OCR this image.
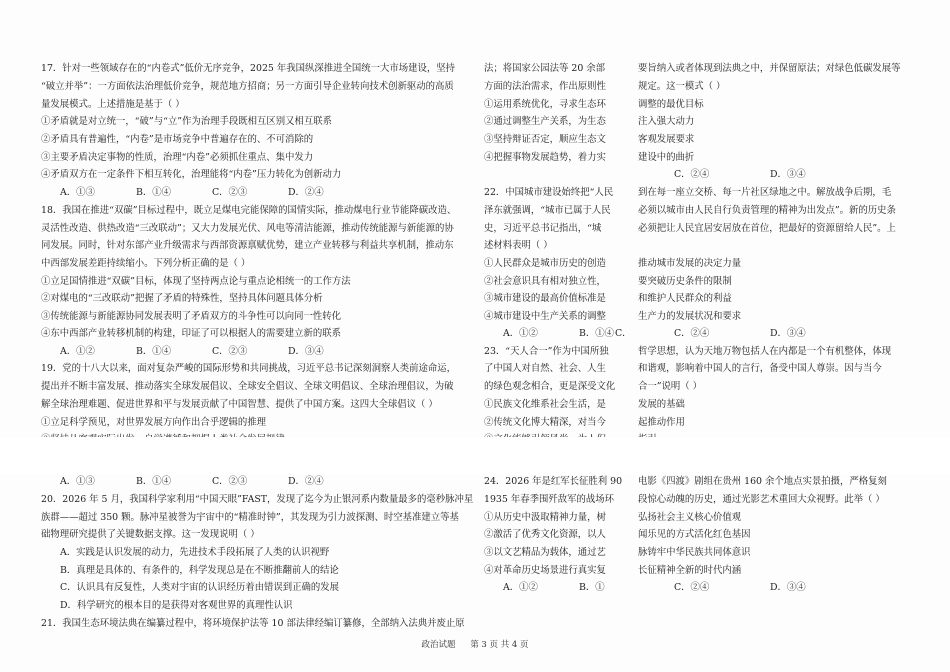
17．针对一些领域存在的“内卷式”低价无序竞争，2025 年我国纵深推进全国统一大市场建设，坚持
“破立并举”：一方面依法治理低价竞争，规范地方招商；另一方面引导企业转向技术创新驱动的高质
量发展模式。上述措施是基于（ ）
①矛盾就是对立统一，“破”与“立”作为治理手段既相互区别又相互联系
②矛盾具有普遍性，“内卷”是市场竞争中普遍存在的、不可消除的
③主要矛盾决定事物的性质，治理“内卷”必须抓住重点、集中发力
④矛盾双方在一定条件下相互转化，治理能将“内卷”压力转化为创新动力
A．①③	B．①④	C．②③	D．②④
18．我国在推进“双碳”目标过程中，既立足煤电完能保障的国情实际，推动煤电行业节能降碳改造、
灵活性改造、供热改造“三改联动”；又大力发展光伏、风电等清洁能源，推动传统能源与新能源的协
同发展。同时，针对东部产业升级需求与西部资源禀赋优势，建立产业转移与利益共享机制，推动东
中西部发展差距持续缩小。下列分析正确的是（ ）
①立足国情推进“双碳”目标，体现了坚持两点论与重点论相统一的工作方法
②对煤电的“三改联动”把握了矛盾的特殊性，坚持具体问题具体分析
③传统能源与新能源协同发展表明了矛盾双方的斗争性可以向同一性转化
④东中西部产业转移机制的构建，印证了可以根据人的需要建立新的联系
A．①②	B．①④	C．②③	D．③④
19．党的十八大以来，面对复杂严峻的国际形势和共同挑战，习近平总书记深刻洞察人类前途命运，
提出并不断丰富发展、推动落实全球发展倡议、全球安全倡议、全球文明倡议、全球治理倡议，为破
解全球治理难题、促进世界和平与发展贡献了中国智慧、提供了中国方案。这四大全球倡议（ ）
①立足科学预见，对世界发展方向作出合乎逻辑的推理
法；将国家公园法等 20 余部
方面的法治需求，作出原则性
①运用系统优化，寻求生态环
②通过调整生产关系，为生态
③坚持辩证否定，顺应生态文
④把握事物发展趋势，着力实
22．中国城市建设始终把“人民
泽东就强调，“城市已属于人民
史，习近平总书记指出，“城
述材料表明（ ）
①人民群众是城市历史的创造
②社会意识具有相对独立性，
③城市建设的最高价值标准是
④城市建设中生产关系的调整
A．①②	B．①④C．
23．“天人合一”作为中国所独
了中国人对自然、社会、人生
的绿色观念相合，更是深受文化
①民族文化维系社会生活，是
②传统文化博大精深，对当今
要旨纳入或者体现到法典之中，并保留原法；对绿色低碳发展等
规定。这一模式（ ）
调整的最优目标
注入强大动力
客观发展要求
建设中的曲折
C．②④	D．③④
到在每一座立交桥、每一片社区绿地之中。解放战争后期，毛
必须以城市由人民自行负责管理的精神为出发点”。新的历史条
必须把让人民宜居安居放在首位，把最好的资源留给人民”。上
推动城市发展的决定力量
要突破历史条件的限制
和维护人民群众的利益
生产力的发展状况和要求
C．②④	D．③④
哲学思想，认为天地万物包括人在内都是一个有机整体，体现
和谐观，影响着中国人的言行，备受中国人尊崇。因与当今
合一”说明（ ）
发展的基础
起推动作用
A．①③	B．①④	C．②③	D．②④
20．2026 年 5 月，我国科学家利用“中国天眼”FAST，发现了迄今为止银河系内数量最多的毫秒脉冲星
族群——超过 350 颗。脉冲星被誉为宇宙中的“精准时钟”，其发现为引力波探测、时空基准建立等基
础物理研究提供了关键数据支撑。这一发现说明（ ）
A．实践是认识发展的动力，先进技术手段拓展了人类的认识视野
B．真理是具体的、有条件的，科学发现总是在不断推翻前人的结论
C．认识具有反复性，人类对宇宙的认识经历着由错误到正确的发展
D．科学研究的根本目的是获得对客观世界的真理性认识
21．我国生态环境法典在编纂过程中，将环境保护法等 10 部法律经编订纂修，全部纳入法典并废止原
24．2026 年是红军长征胜利 90
1935 年春季围歼敌军的战场环
①从历史中汲取精神力量，树
②激活了优秀文化资源，以人
③以文艺精品为载体，通过艺
④对革命历史场景进行真实复
A．①②	B．①
电影《四渡》剧组在贵州 160 余个地点实景拍摄，严格复刻
段惊心动魄的历史，通过光影艺术重回大众视野。此举（ ）
弘扬社会主义核心价值观
闻乐见的方式活化红色基因
脉铸牢中华民族共同体意识
长征精神全新的时代内涵
C．②④	D．③④
政治试题 第 3 页 共 4 页
